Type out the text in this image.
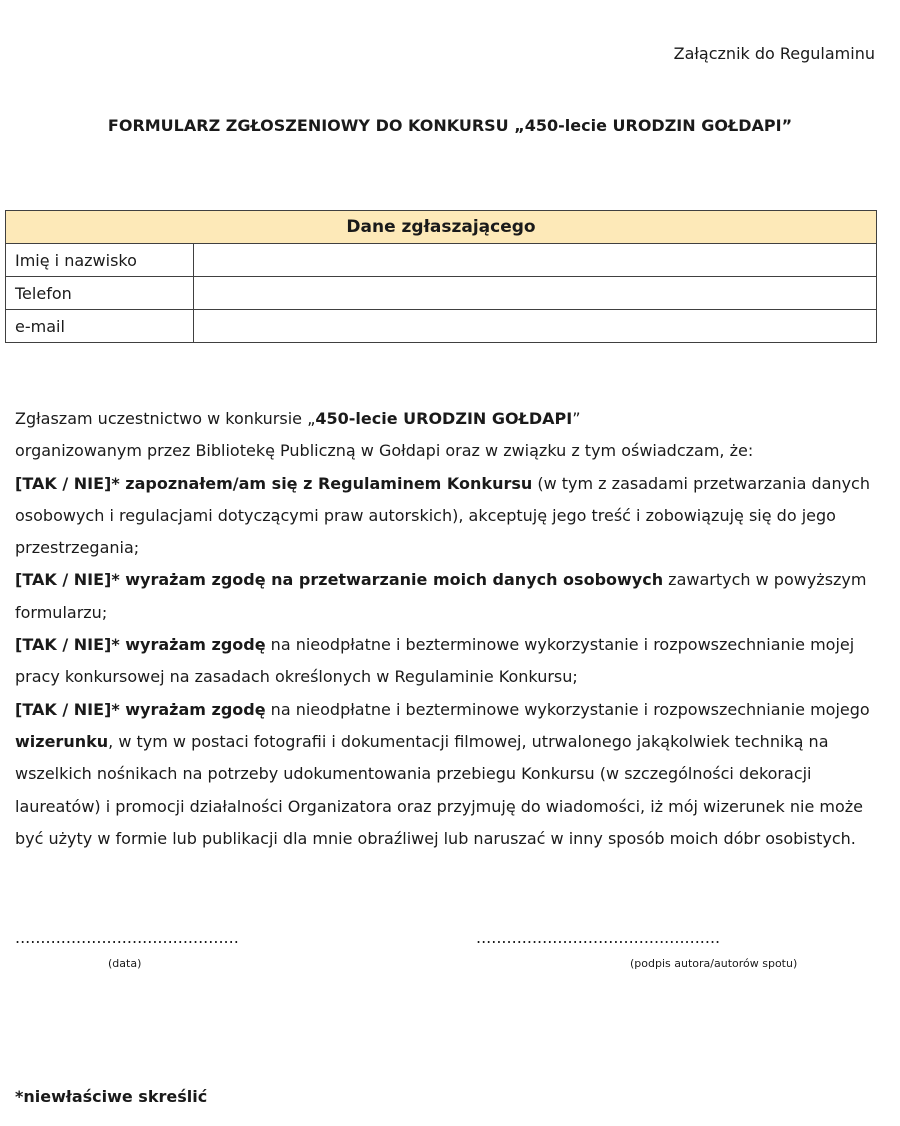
Załącznik do Regulaminu
FORMULARZ ZGŁOSZENIOWY DO KONKURSU „450-lecie URODZIN GOŁDAPI”
Dane zgłaszającego	
Imię i nazwisko	
Telefon	
e-mail	

Zgłaszam uczestnictwo w konkursie „450-lecie URODZIN GOŁDAPI”

organizowanym przez Bibliotekę Publiczną w Gołdapi oraz w związku z tym oświadczam, że:

[TAK / NIE]* zapoznałem/am się z Regulaminem Konkursu (w tym z zasadami przetwarzania danych osobowych i regulacjami dotyczącymi praw autorskich), akceptuję jego treść i zobowiązuję się do jego przestrzegania;

[TAK / NIE]* wyrażam zgodę na przetwarzanie moich danych osobowych zawartych w powyższym formularzu;

[TAK / NIE]* wyrażam zgodę na nieodpłatne i bezterminowe wykorzystanie i rozpowszechnianie mojej pracy konkursowej na zasadach określonych w Regulaminie Konkursu;

[TAK / NIE]* wyrażam zgodę na nieodpłatne i bezterminowe wykorzystanie i rozpowszechnianie mojego wizerunku, w tym w postaci fotografii i dokumentacji filmowej, utrwalonego jakąkolwiek techniką na wszelkich nośnikach na potrzeby udokumentowania przebiegu Konkursu (w szczególności dekoracji laureatów) i promocji działalności Organizatora oraz przyjmuję do wiadomości, iż mój wizerunek nie może być użyty w formie lub publikacji dla mnie obraźliwej lub naruszać w inny sposób moich dóbr osobistych.

............................................
(data)
................................................
(podpis autora/autorów spotu)
*niewłaściwe skreślić
